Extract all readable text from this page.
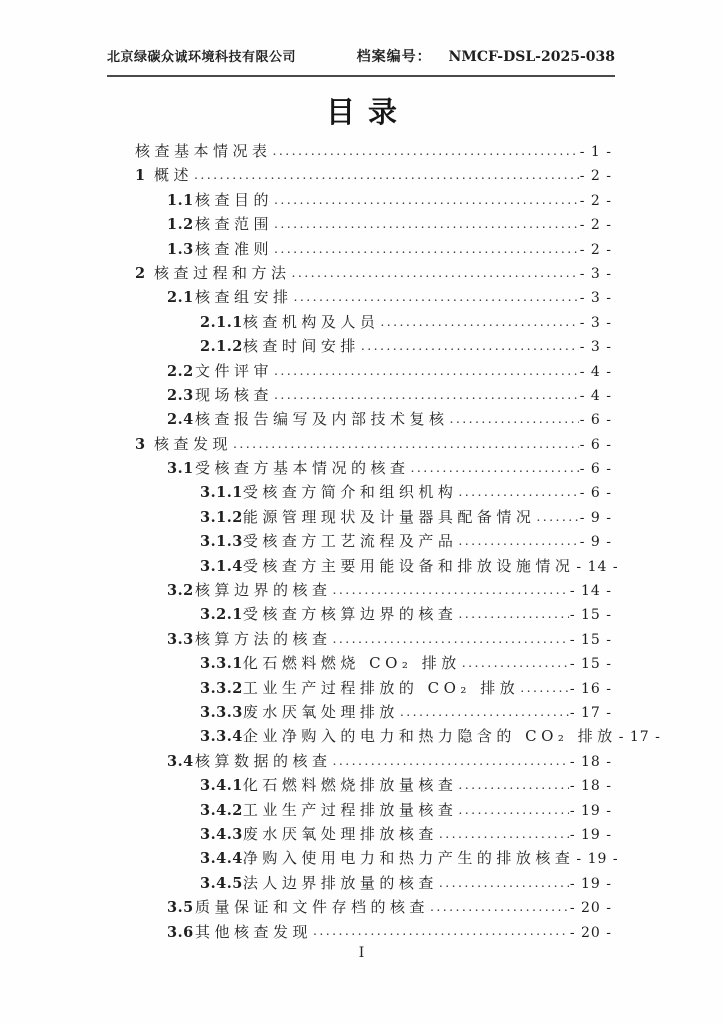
北京绿碳众诚环境科技有限公司	档案编号： NMCF-DSL-2025-038
目录
核查基本情况表 .....	- 1 -
1 概述 .....	- 2 -
1.1 核查目的 .....	- 2 -
1.2 核查范围 .....	- 2 -
1.3 核查准则 .....	- 2 -
2 核查过程和方法 .....	- 3 -
2.1 核查组安排 .....	- 3 -
2.1.1 核查机构及人员 .....	- 3 -
2.1.2 核查时间安排 .....	- 3 -
2.2 文件评审 .....	- 4 -
2.3 现场核查 .....	- 4 -
2.4 核查报告编写及内部技术复核 .....	- 6 -
3 核查发现 .....	- 6 -
3.1 受核查方基本情况的核查 .....	- 6 -
3.1.1 受核查方简介和组织机构 .....	- 6 -
3.1.2 能源管理现状及计量器具配备情况 .....	- 9 -
3.1.3 受核查方工艺流程及产品 .....	- 9 -
3.1.4 受核查方主要用能设备和排放设施情况 - 14 -
3.2 核算边界的核查 .....	- 14 -
3.2.1 受核查方核算边界的核查 .....	- 15 -
3.3 核算方法的核查 .....	- 15 -
3.3.1 化石燃料燃烧 CO₂ 排放 .....	- 15 -
3.3.2 工业生产过程排放的 CO₂ 排放 .....	- 16 -
3.3.3 废水厌氧处理排放 .....	- 17 -
3.3.4 企业净购入的电力和热力隐含的 CO₂ 排放 - 17 -
3.4 核算数据的核查 .....	- 18 -
3.4.1 化石燃料燃烧排放量核查 .....	- 18 -
3.4.2 工业生产过程排放量核查 .....	- 19 -
3.4.3 废水厌氧处理排放核查 .....	- 19 -
3.4.4 净购入使用电力和热力产生的排放核查 - 19 -
3.4.5 法人边界排放量的核查 .....	- 19 -
3.5 质量保证和文件存档的核查 .....	- 20 -
3.6 其他核查发现 .....	- 20 -
I
